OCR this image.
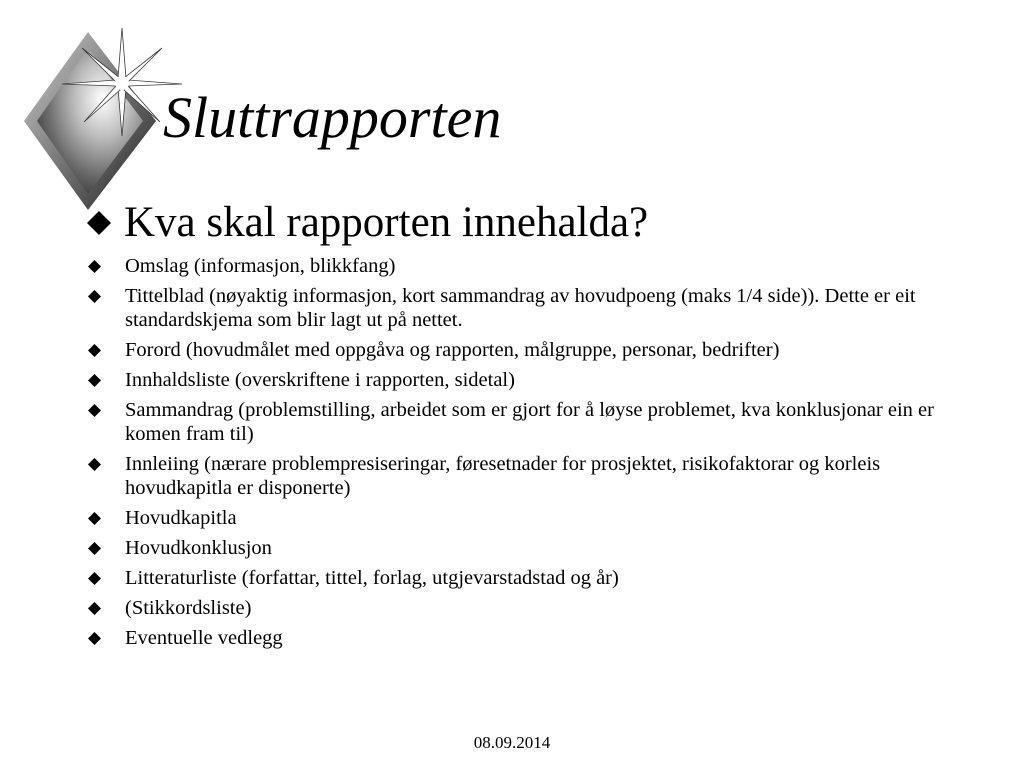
Sluttrapporten
Kva skal rapporten innehalda?
Omslag (informasjon, blikkfang)
Tittelblad (nøyaktig informasjon, kort sammandrag av hovudpoeng (maks 1/4 side)). Dette er eit standardskjema som blir lagt ut på nettet.
Forord (hovudmålet med oppgåva og rapporten, målgruppe, personar, bedrifter)
Innhaldsliste (overskriftene i rapporten, sidetal)
Sammandrag (problemstilling, arbeidet som er gjort for å løyse problemet, kva konklusjonar ein er komen fram til)
Innleiing (nærare problempresiseringar, føresetnader for prosjektet, risikofaktorar og korleis hovudkapitla er disponerte)
Hovudkapitla
Hovudkonklusjon
Litteraturliste (forfattar, tittel, forlag, utgjevarstadstad og år)
(Stikkordsliste)
Eventuelle vedlegg
08.09.2014
